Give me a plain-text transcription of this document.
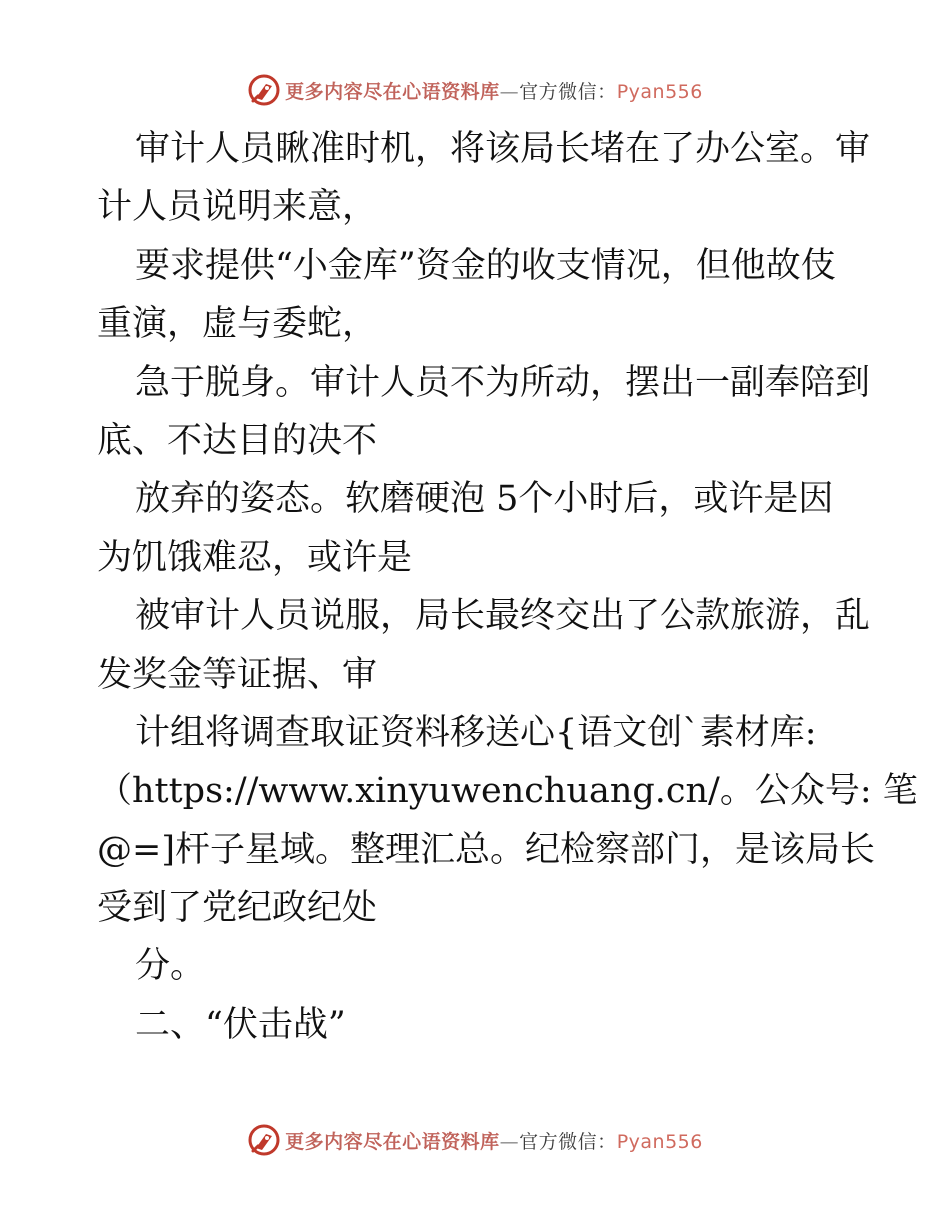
更多内容尽在心语资料库—官方微信：Pyan556
审计人员瞅准时机，将该局长堵在了办公室。审
计人员说明来意，
要求提供“小金库”资金的收支情况，但他故伎
重演，虚与委蛇，
急于脱身。审计人员不为所动，摆出一副奉陪到
底、不达目的决不
放弃的姿态。软磨硬泡 5个小时后，或许是因
为饥饿难忍，或许是
被审计人员说服，局长最终交出了公款旅游，乱
发奖金等证据、审
计组将调查取证资料移送心{语文创`素材库:
（https://www.xinyuwenchuang.cn/。公众号: 笔
@=]杆子星域。整理汇总。纪检察部门，是该局长
受到了党纪政纪处
分。
二、“伏击战”
更多内容尽在心语资料库—官方微信：Pyan556
